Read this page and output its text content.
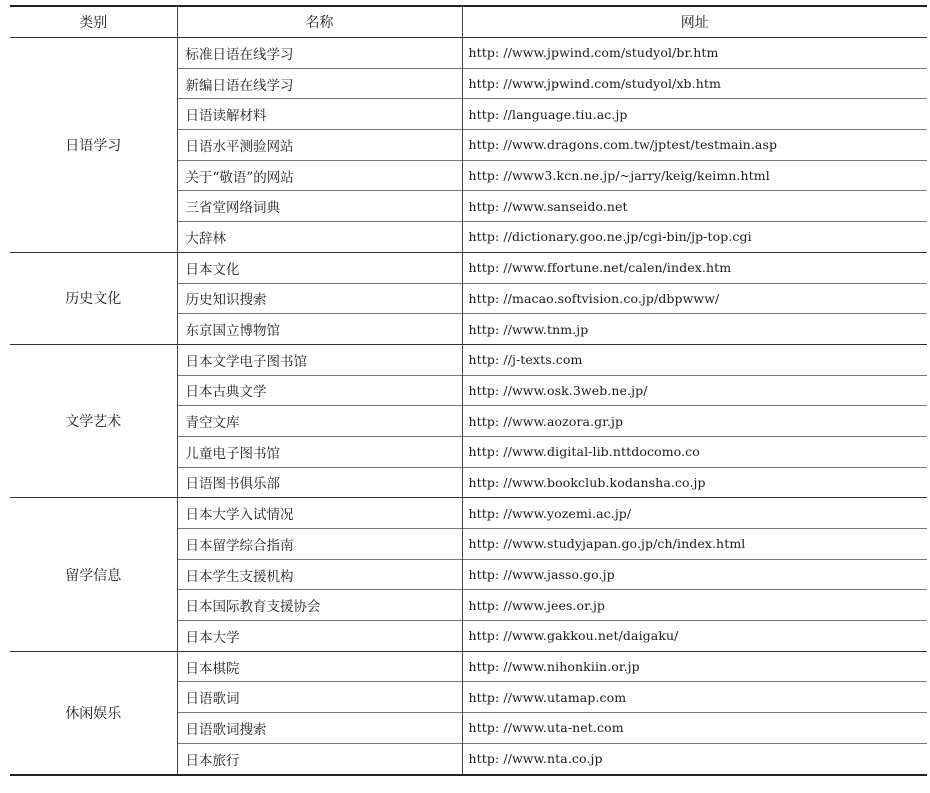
类别	名称	网址
日语学习	标准日语在线学习	http: //www.jpwind.com/studyol/br.htm
	新编日语在线学习	http: //www.jpwind.com/studyol/xb.htm
	日语读解材料	http: //language.tiu.ac.jp
	日语水平测验网站	http: //www.dragons.com.tw/jptest/testmain.asp
	关于“敬语”的网站	http: //www3.kcn.ne.jp/~jarry/keig/keimn.html
	三省堂网络词典	http: //www.sanseido.net
	大辞林	http: //dictionary.goo.ne.jp/cgi-bin/jp-top.cgi
历史文化	日本文化	http: //www.ffortune.net/calen/index.htm
	历史知识搜索	http: //macao.softvision.co.jp/dbpwww/
	东京国立博物馆	http: //www.tnm.jp
文学艺术	日本文学电子图书馆	http: //j-texts.com
	日本古典文学	http: //www.osk.3web.ne.jp/
	青空文库	http: //www.aozora.gr.jp
	儿童电子图书馆	http: //www.digital-lib.nttdocomo.co
	日语图书俱乐部	http: //www.bookclub.kodansha.co.jp
留学信息	日本大学入试情况	http: //www.yozemi.ac.jp/
	日本留学综合指南	http: //www.studyjapan.go.jp/ch/index.html
	日本学生支援机构	http: //www.jasso.go.jp
	日本国际教育支援协会	http: //www.jees.or.jp
	日本大学	http: //www.gakkou.net/daigaku/
休闲娱乐	日本棋院	http: //www.nihonkiin.or.jp
	日语歌词	http: //www.utamap.com
	日语歌词搜索	http: //www.uta-net.com
	日本旅行	http: //www.nta.co.jp
